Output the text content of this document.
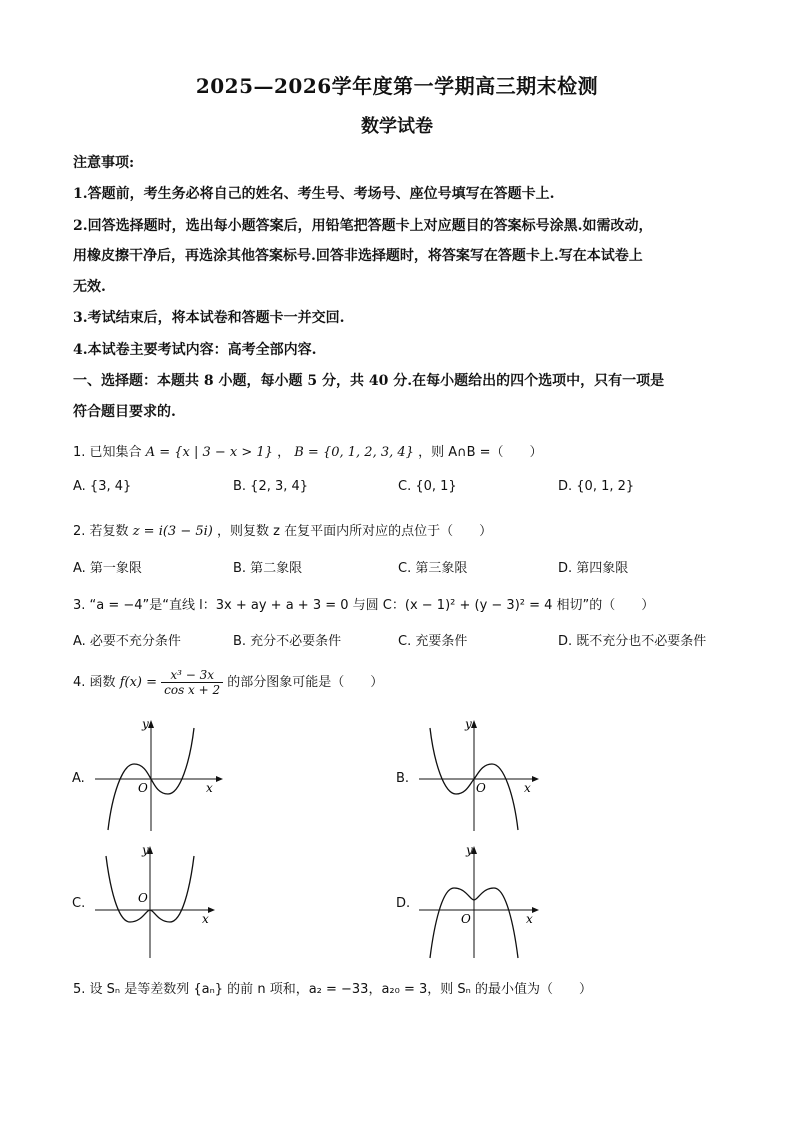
2025—2026学年度第一学期高三期末检测
数学试卷
注意事项:
1.答题前，考生务必将自己的姓名、考生号、考场号、座位号填写在答题卡上.
2.回答选择题时，选出每小题答案后，用铅笔把答题卡上对应题目的答案标号涂黑.如需改动，
用橡皮擦干净后，再选涂其他答案标号.回答非选择题时，将答案写在答题卡上.写在本试卷上
无效.
3.考试结束后，将本试卷和答题卡一并交回.
4.本试卷主要考试内容：高考全部内容.
一、选择题：本题共 8 小题，每小题 5 分，共 40 分.在每小题给出的四个选项中，只有一项是
符合题目要求的.
1. 已知集合 A = {x | 3 − x > 1} ， B = {0, 1, 2, 3, 4} ，则 A∩B =（　　）
A. {3, 4}	B. {2, 3, 4}	C. {0, 1}	D. {0, 1, 2}
2. 若复数 z = i(3 − 5i) ，则复数 z 在复平面内所对应的点位于（　　）
A. 第一象限	B. 第二象限	C. 第三象限	D. 第四象限
3. “a = −4”是“直线 l：3x + ay + a + 3 = 0 与圆 C：(x − 1)² + (y − 3)² = 4 相切”的（　　）
A. 必要不充分条件	B. 充分不必要条件	C. 充要条件	D. 既不充分也不必要条件
4. 函数 $f(x) = \frac{\text{x³ − 3x}}{\text{cos x + 2}}$ 的部分图象可能是（　　）
A.	B.
C.	D.
y
x
O
y
x
O
y
x
O
y
x
O
5. 设 Sₙ 是等差数列 {aₙ} 的前 n 项和，a₂ = −33，a₂₀ = 3，则 Sₙ 的最小值为（　　）
